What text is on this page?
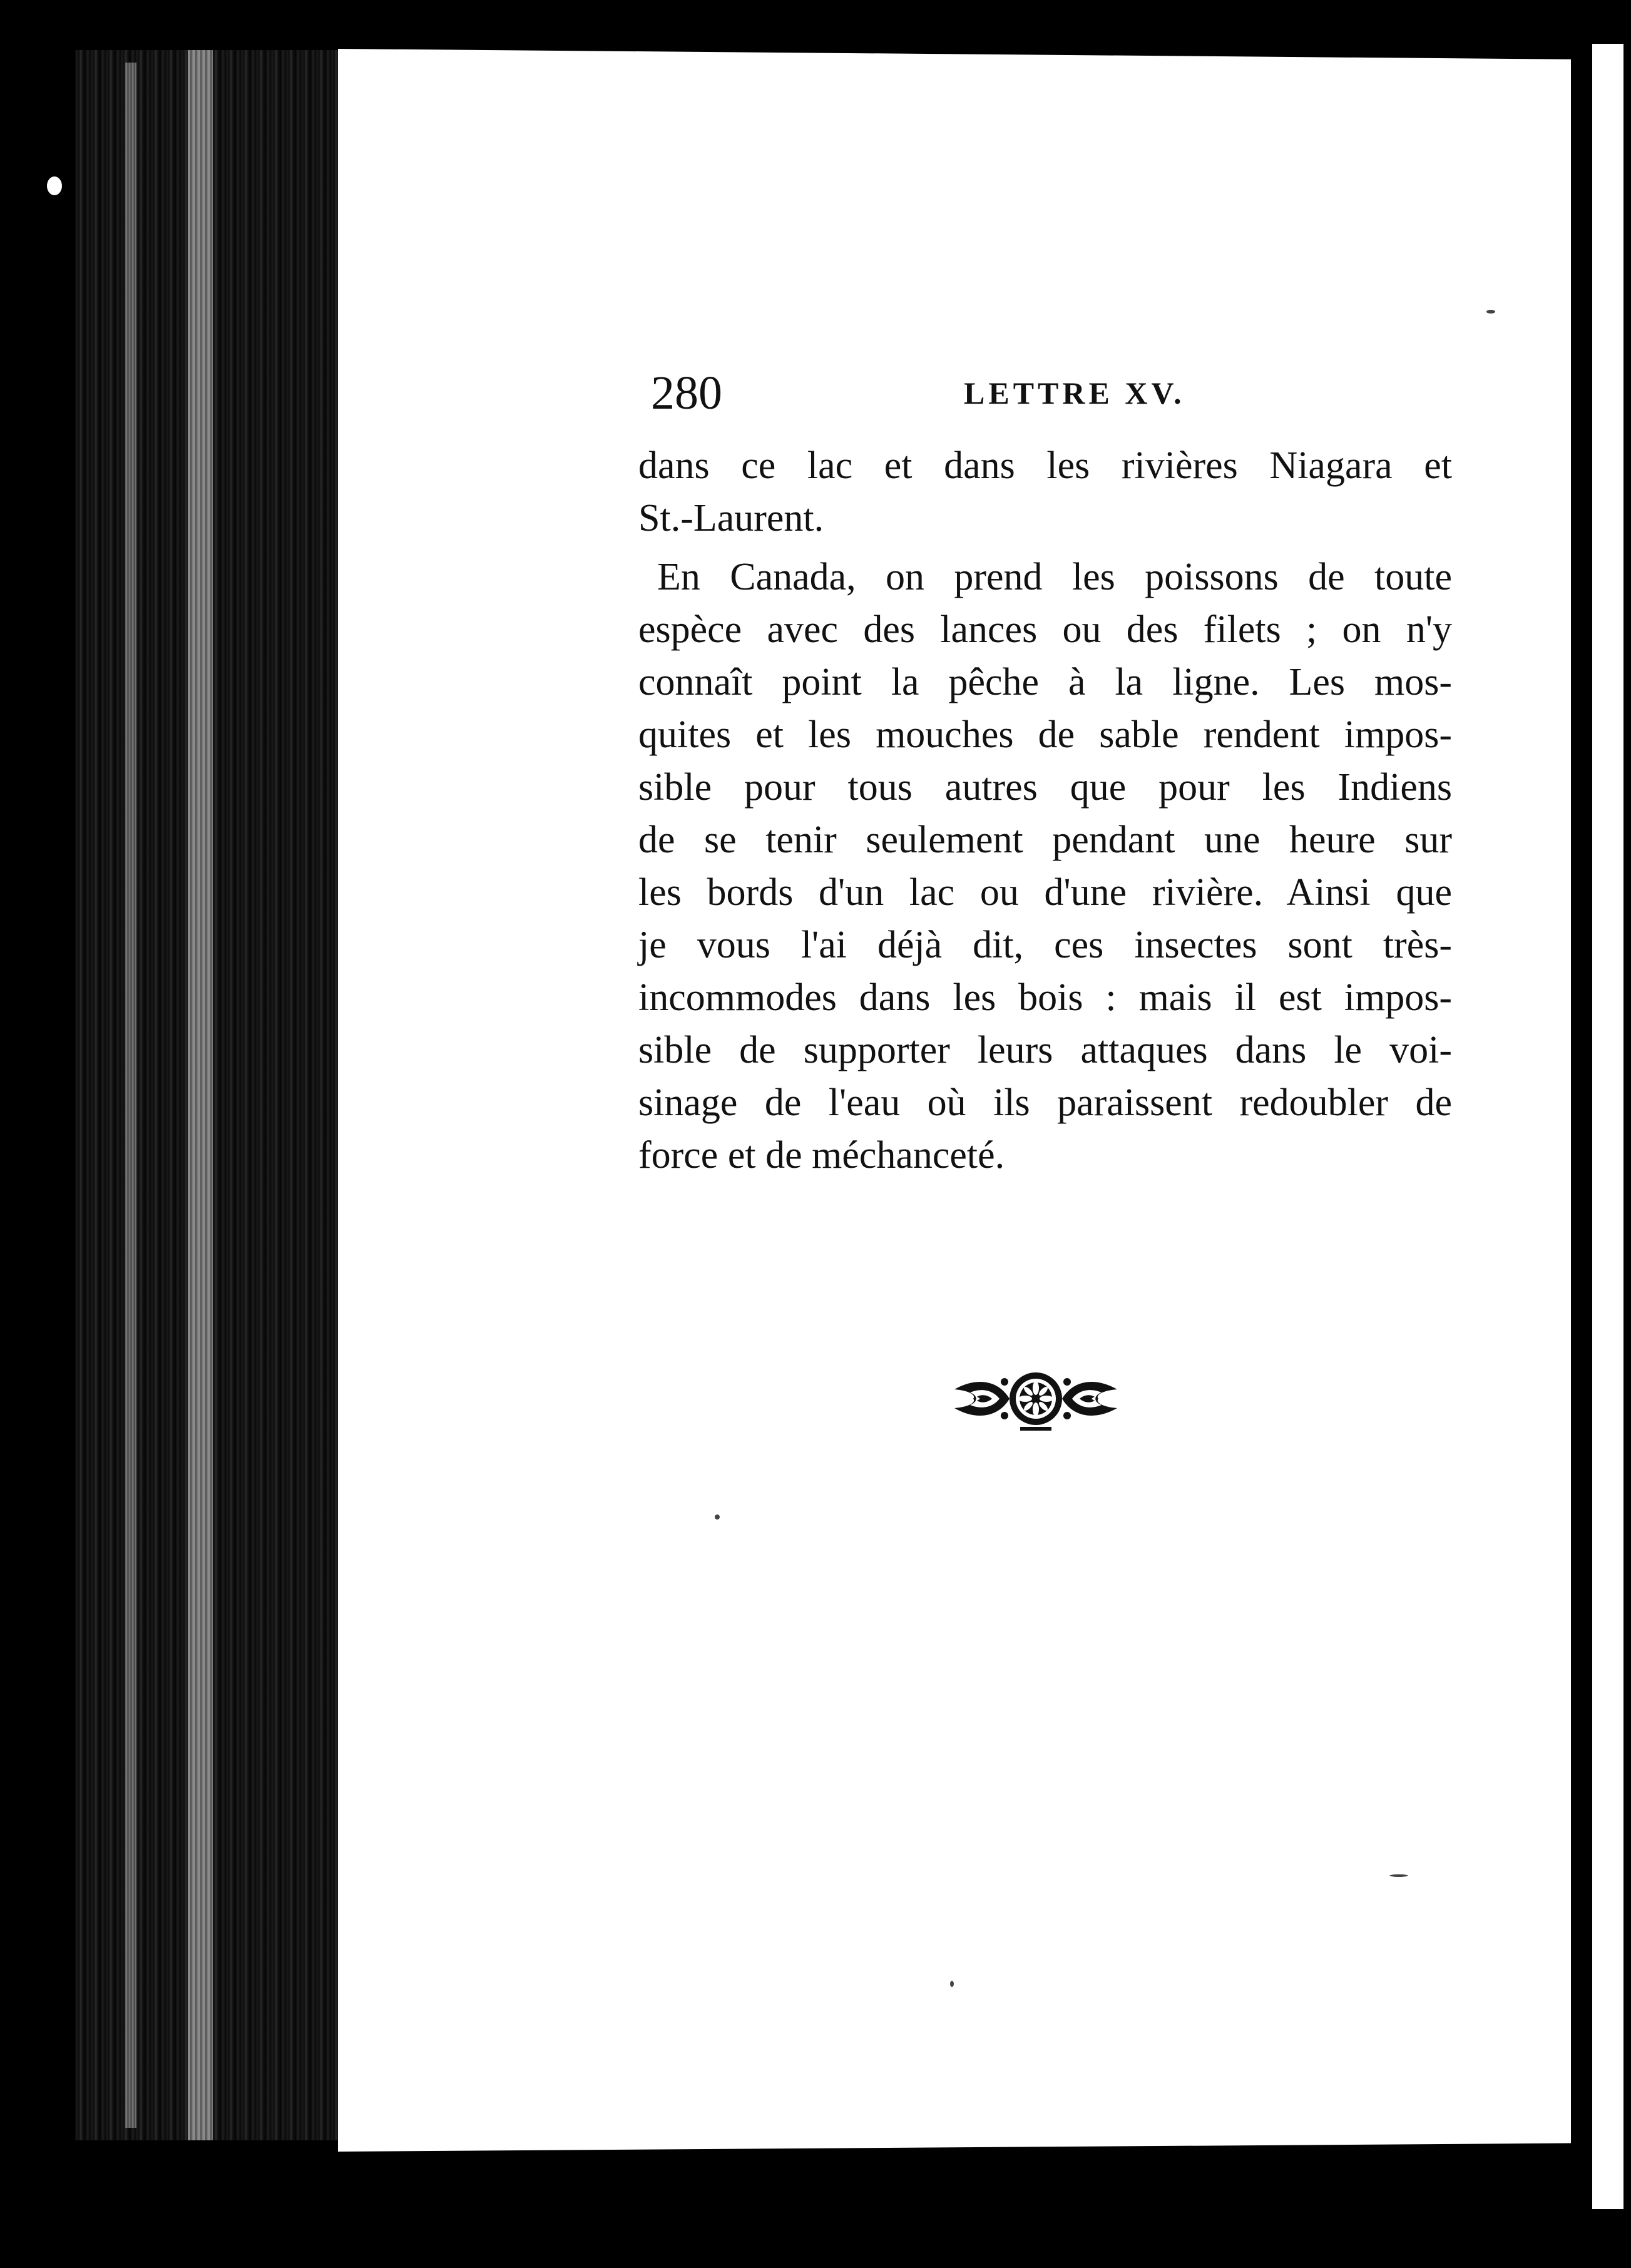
280	LETTRE XV.
dans ce lac et dans les rivières Niagara et
St.-Laurent.
En Canada, on prend les poissons de toute
espèce avec des lances ou des filets ; on n'y
connaît point la pêche à la ligne. Les mos-
quites et les mouches de sable rendent impos-
sible pour tous autres que pour les Indiens
de se tenir seulement pendant une heure sur
les bords d'un lac ou d'une rivière. Ainsi que
je vous l'ai déjà dit, ces insectes sont très-
incommodes dans les bois : mais il est impos-
sible de supporter leurs attaques dans le voi-
sinage de l'eau où ils paraissent redoubler de
force et de méchanceté.
